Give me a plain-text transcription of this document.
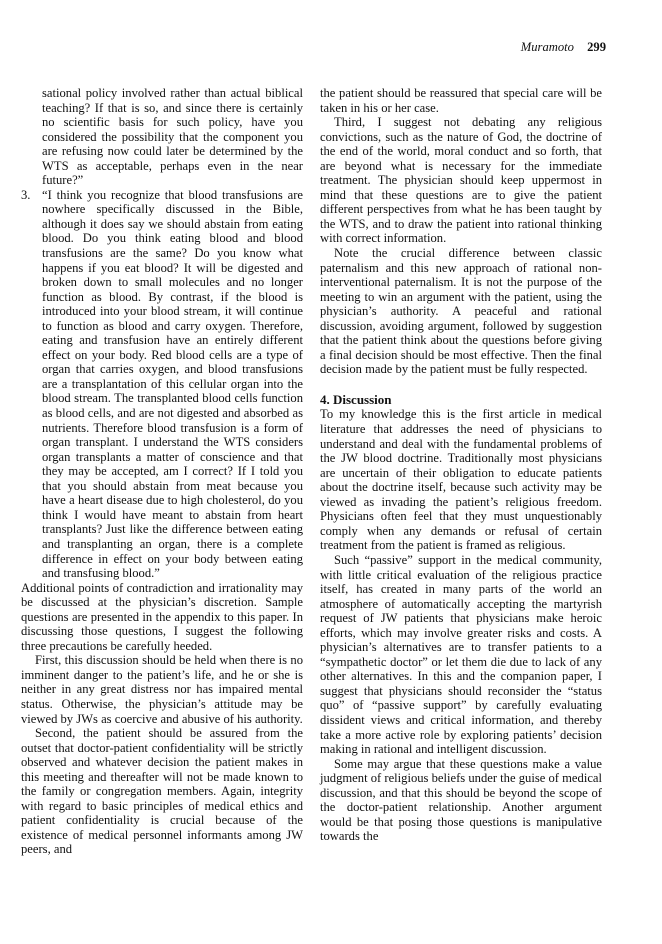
Muramoto 299

sational policy involved rather than actual biblical teaching? If that is so, and since there is certainly no scientific basis for such policy, have you considered the possibility that the component you are refusing now could later be determined by the WTS as acceptable, perhaps even in the near future?”

3. “I think you recognize that blood transfusions are nowhere specifically discussed in the Bible, although it does say we should abstain from eating blood. Do you think eating blood and blood transfusions are the same? Do you know what happens if you eat blood? It will be digested and broken down to small molecules and no longer function as blood. By contrast, if the blood is introduced into your blood stream, it will continue to function as blood and carry oxygen. Therefore, eating and transfusion have an entirely different effect on your body. Red blood cells are a type of organ that carries oxygen, and blood transfusions are a transplantation of this cellular organ into the blood stream. The transplanted blood cells function as blood cells, and are not digested and absorbed as nutrients. Therefore blood transfusion is a form of organ transplant. I understand the WTS considers organ transplants a matter of conscience and that they may be accepted, am I correct? If I told you that you should abstain from meat because you have a heart disease due to high cholesterol, do you think I would have meant to abstain from heart transplants? Just like the difference between eating and transplanting an organ, there is a complete difference in effect on your body between eating and transfusing blood.”

Additional points of contradiction and irrationality may be discussed at the physician’s discretion. Sample questions are presented in the appendix to this paper. In discussing those questions, I suggest the following three precautions be carefully heeded.

First, this discussion should be held when there is no imminent danger to the patient’s life, and he or she is neither in any great distress nor has impaired mental status. Otherwise, the physician’s attitude may be viewed by JWs as coercive and abusive of his authority.

Second, the patient should be assured from the outset that doctor-patient confidentiality will be strictly observed and whatever decision the patient makes in this meeting and thereafter will not be made known to the family or congregation members. Again, integrity with regard to basic principles of medical ethics and patient confidentiality is crucial because of the existence of medical personnel informants among JW peers, and

the patient should be reassured that special care will be taken in his or her case.

Third, I suggest not debating any religious convictions, such as the nature of God, the doctrine of the end of the world, moral conduct and so forth, that are beyond what is necessary for the immediate treatment. The physician should keep uppermost in mind that these questions are to give the patient different perspectives from what he has been taught by the WTS, and to draw the patient into rational thinking with correct information.

Note the crucial difference between classic paternalism and this new approach of rational non-interventional paternalism. It is not the purpose of the meeting to win an argument with the patient, using the physician’s authority. A peaceful and rational discussion, avoiding argument, followed by suggestion that the patient think about the questions before giving a final decision should be most effective. Then the final decision made by the patient must be fully respected.

4. Discussion

To my knowledge this is the first article in medical literature that addresses the need of physicians to understand and deal with the fundamental problems of the JW blood doctrine. Traditionally most physicians are uncertain of their obligation to educate patients about the doctrine itself, because such activity may be viewed as invading the patient’s religious freedom. Physicians often feel that they must unquestionably comply when any demands or refusal of certain treatment from the patient is framed as religious.

Such “passive” support in the medical community, with little critical evaluation of the religious practice itself, has created in many parts of the world an atmosphere of automatically accepting the martyrish request of JW patients that physicians make heroic efforts, which may involve greater risks and costs. A physician’s alternatives are to transfer patients to a “sympathetic doctor” or let them die due to lack of any other alternatives. In this and the companion paper, I suggest that physicians should reconsider the “status quo” of “passive support” by carefully evaluating dissident views and critical information, and thereby take a more active role by exploring patients’ decision making in rational and intelligent discussion.

Some may argue that these questions make a value judgment of religious beliefs under the guise of medical discussion, and that this should be beyond the scope of the doctor-patient relationship. Another argument would be that posing those questions is manipulative towards the
